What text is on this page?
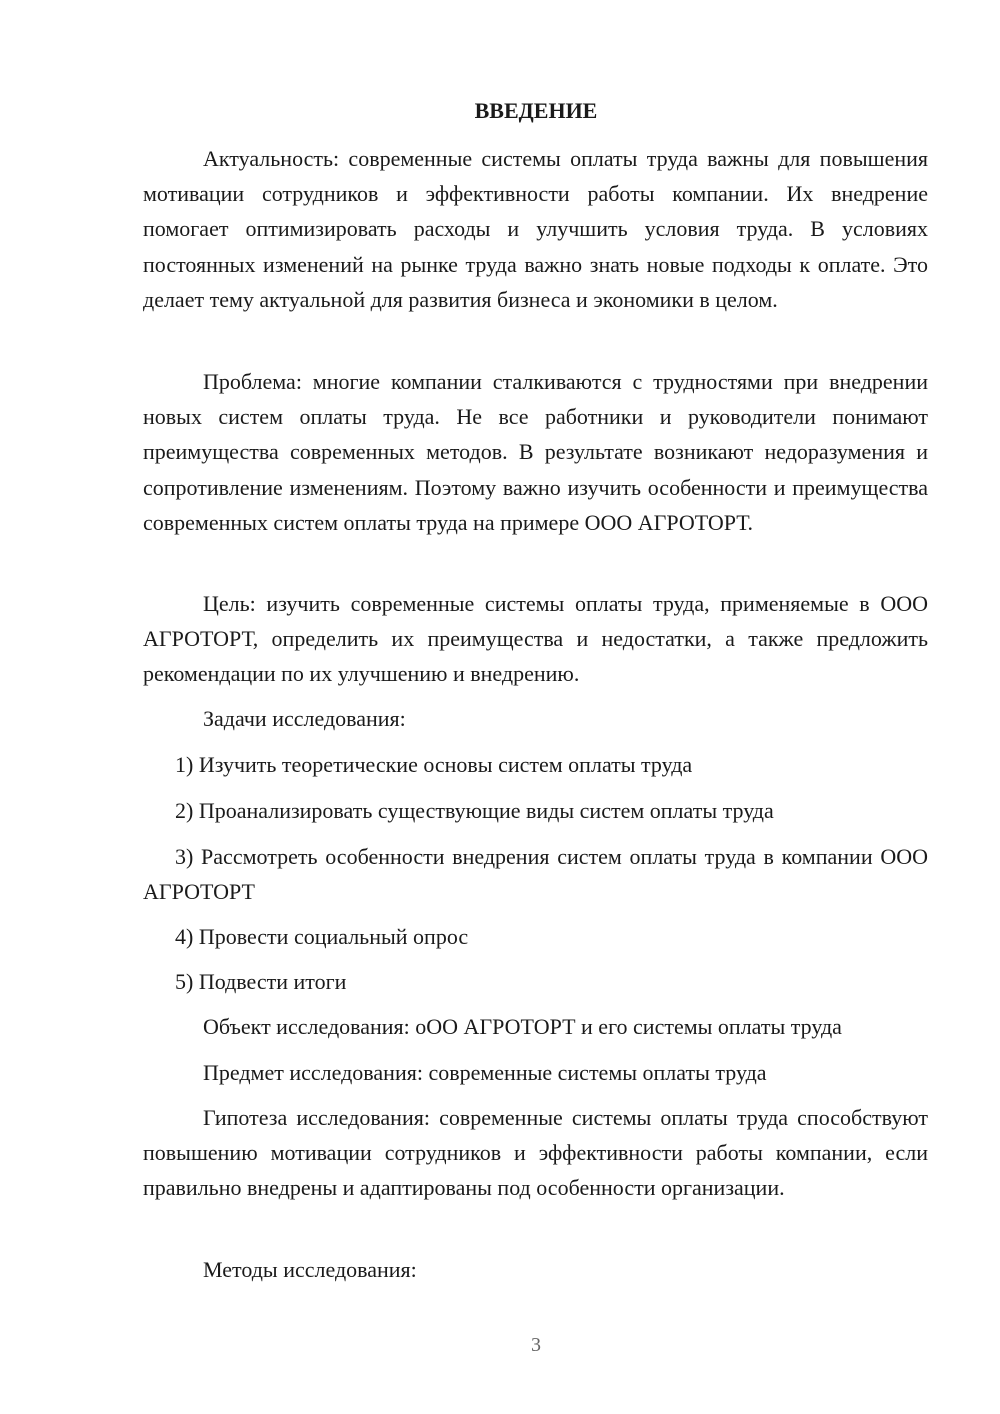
ВВЕДЕНИЕ

Актуальность: современные системы оплаты труда важны для повышения мотивации сотрудников и эффективности работы компании. Их внедрение помогает оптимизировать расходы и улучшить условия труда. В условиях постоянных изменений на рынке труда важно знать новые подходы к оплате. Это делает тему актуальной для развития бизнеса и экономики в целом.

Проблема: многие компании сталкиваются с трудностями при внедрении новых систем оплаты труда. Не все работники и руководители понимают преимущества современных методов. В результате возникают недоразумения и сопротивление изменениям. Поэтому важно изучить особенности и преимущества современных систем оплаты труда на примере ООО АГРОТОРТ.

Цель: изучить современные системы оплаты труда, применяемые в ООО АГРОТОРТ, определить их преимущества и недостатки, а также предложить рекомендации по их улучшению и внедрению.

Задачи исследования:

1) Изучить теоретические основы систем оплаты труда

2) Проанализировать существующие виды систем оплаты труда

3) Рассмотреть особенности внедрения систем оплаты труда в компании ООО АГРОТОРТ

4) Провести социальный опрос

5) Подвести итоги

Объект исследования: оОО АГРОТОРТ и его системы оплаты труда

Предмет исследования: современные системы оплаты труда

Гипотеза исследования: современные системы оплаты труда способствуют повышению мотивации сотрудников и эффективности работы компании, если правильно внедрены и адаптированы под особенности организации.

Методы исследования:

3
